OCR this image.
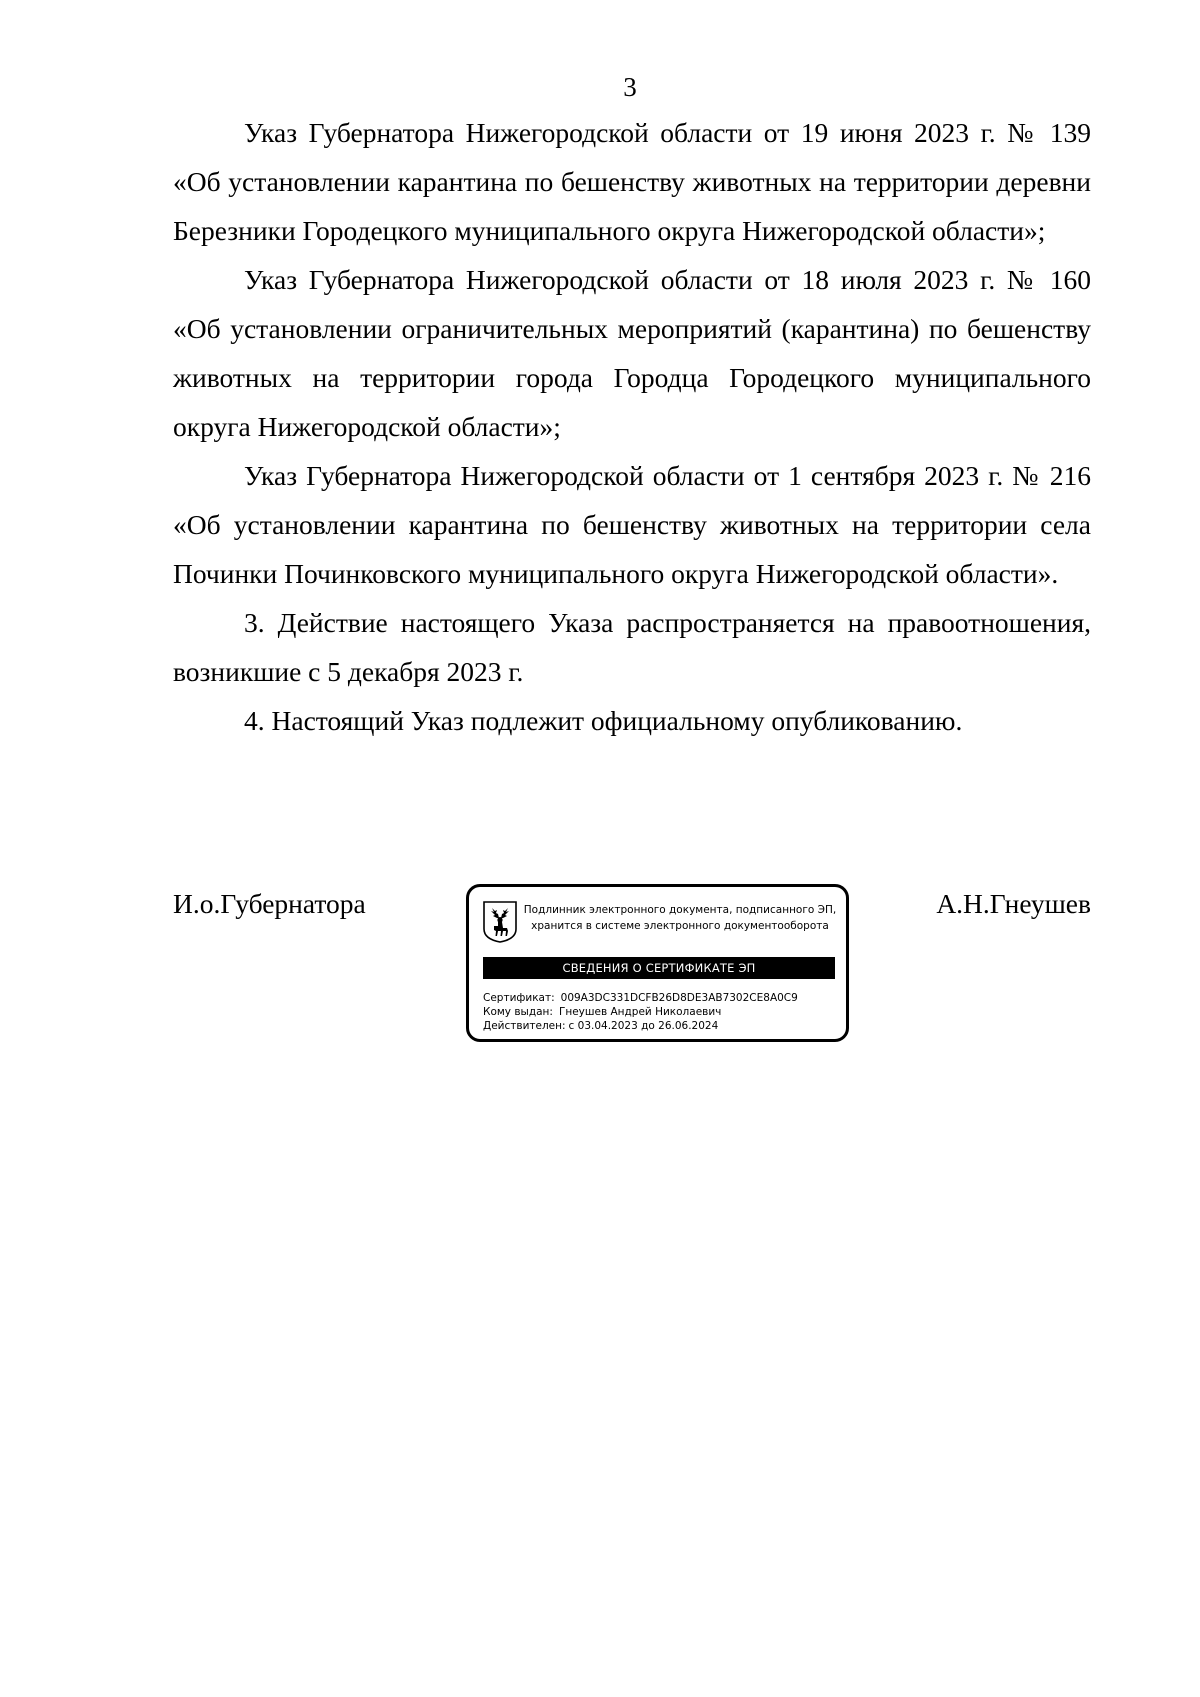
3

Указ Губернатора Нижегородской области от 19 июня 2023 г. № 139 «Об установлении карантина по бешенству животных на территории деревни Березники Городецкого муниципального округа Нижегородской области»;

Указ Губернатора Нижегородской области от 18 июля 2023 г. № 160 «Об установлении ограничительных мероприятий (карантина) по бешенству животных на территории города Городца Городецкого муниципального округа Нижегородской области»;

Указ Губернатора Нижегородской области от 1 сентября 2023 г. № 216 «Об установлении карантина по бешенству животных на территории села Починки Починковского муниципального округа Нижегородской области».

3. Действие настоящего Указа распространяется на правоотношения, возникшие с 5 декабря 2023 г.

4. Настоящий Указ подлежит официальному опубликованию.

И.о.Губернатора	А.Н.Гнеушев
Подлинник электронного документа, подписанного ЭП,
хранится в системе электронного документооборота
СВЕДЕНИЯ О СЕРТИФИКАТЕ ЭП
Сертификат: 009A3DC331DCFB26D8DE3AB7302CE8A0C9
Кому выдан: Гнеушев Андрей Николаевич
Действителен: с 03.04.2023 до 26.06.2024
